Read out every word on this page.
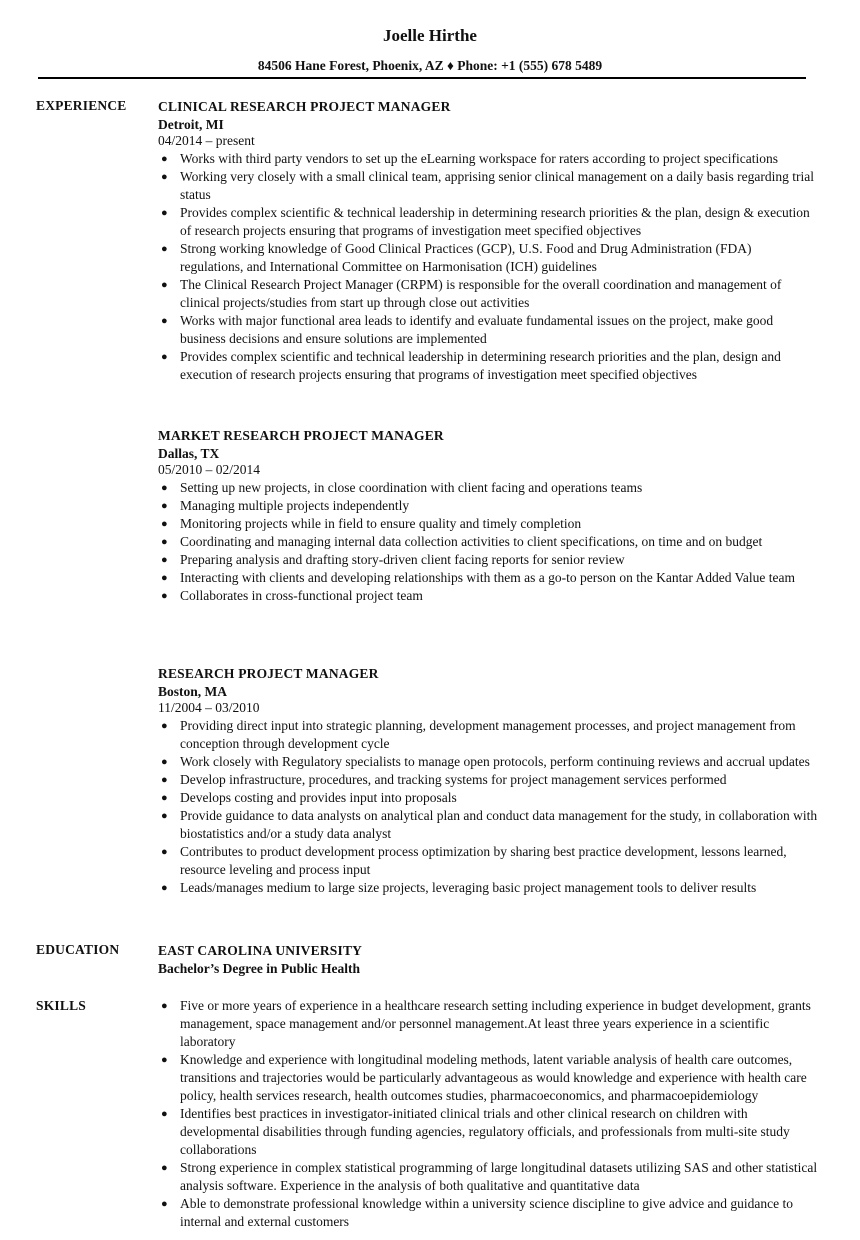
Joelle Hirthe
84506 Hane Forest, Phoenix, AZ ♦ Phone: +1 (555) 678 5489
EXPERIENCE CLINICAL RESEARCH PROJECT MANAGER
Detroit, MI
04/2014 – present
● Works with third party vendors to set up the eLearning workspace for raters according to project specifications
● Working very closely with a small clinical team, apprising senior clinical management on a daily basis regarding trial status
● Provides complex scientific & technical leadership in determining research priorities & the plan, design & execution of research projects ensuring that programs of investigation meet specified objectives
● Strong working knowledge of Good Clinical Practices (GCP), U.S. Food and Drug Administration (FDA) regulations, and International Committee on Harmonisation (ICH) guidelines
● The Clinical Research Project Manager (CRPM) is responsible for the overall coordination and management of clinical projects/studies from start up through close out activities
● Works with major functional area leads to identify and evaluate fundamental issues on the project, make good business decisions and ensure solutions are implemented
● Provides complex scientific and technical leadership in determining research priorities and the plan, design and execution of research projects ensuring that programs of investigation meet specified objectives
MARKET RESEARCH PROJECT MANAGER
Dallas, TX
05/2010 – 02/2014
● Setting up new projects, in close coordination with client facing and operations teams
● Managing multiple projects independently
● Monitoring projects while in field to ensure quality and timely completion
● Coordinating and managing internal data collection activities to client specifications, on time and on budget
● Preparing analysis and drafting story-driven client facing reports for senior review
● Interacting with clients and developing relationships with them as a go-to person on the Kantar Added Value team
● Collaborates in cross-functional project team
RESEARCH PROJECT MANAGER
Boston, MA
11/2004 – 03/2010
● Providing direct input into strategic planning, development management processes, and project management from conception through development cycle
● Work closely with Regulatory specialists to manage open protocols, perform continuing reviews and accrual updates
● Develop infrastructure, procedures, and tracking systems for project management services performed
● Develops costing and provides input into proposals
● Provide guidance to data analysts on analytical plan and conduct data management for the study, in collaboration with biostatistics and/or a study data analyst
● Contributes to product development process optimization by sharing best practice development, lessons learned, resource leveling and process input
● Leads/manages medium to large size projects, leveraging basic project management tools to deliver results
EDUCATION	EAST CAROLINA UNIVERSITY
Bachelor’s Degree in Public Health
SKILLS	● Five or more years of experience in a healthcare research setting including experience in budget development, grants management, space management and/or personnel management.At least three years experience in a scientific laboratory
● Knowledge and experience with longitudinal modeling methods, latent variable analysis of health care outcomes, transitions and trajectories would be particularly advantageous as would knowledge and experience with health care policy, health services research, health outcomes studies, pharmacoeconomics, and pharmacoepidemiology
● Identifies best practices in investigator-initiated clinical trials and other clinical research on children with developmental disabilities through funding agencies, regulatory officials, and professionals from multi-site study collaborations
● Strong experience in complex statistical programming of large longitudinal datasets utilizing SAS and other statistical analysis software. Experience in the analysis of both qualitative and quantitative data
● Able to demonstrate professional knowledge within a university science discipline to give advice and guidance to internal and external customers
